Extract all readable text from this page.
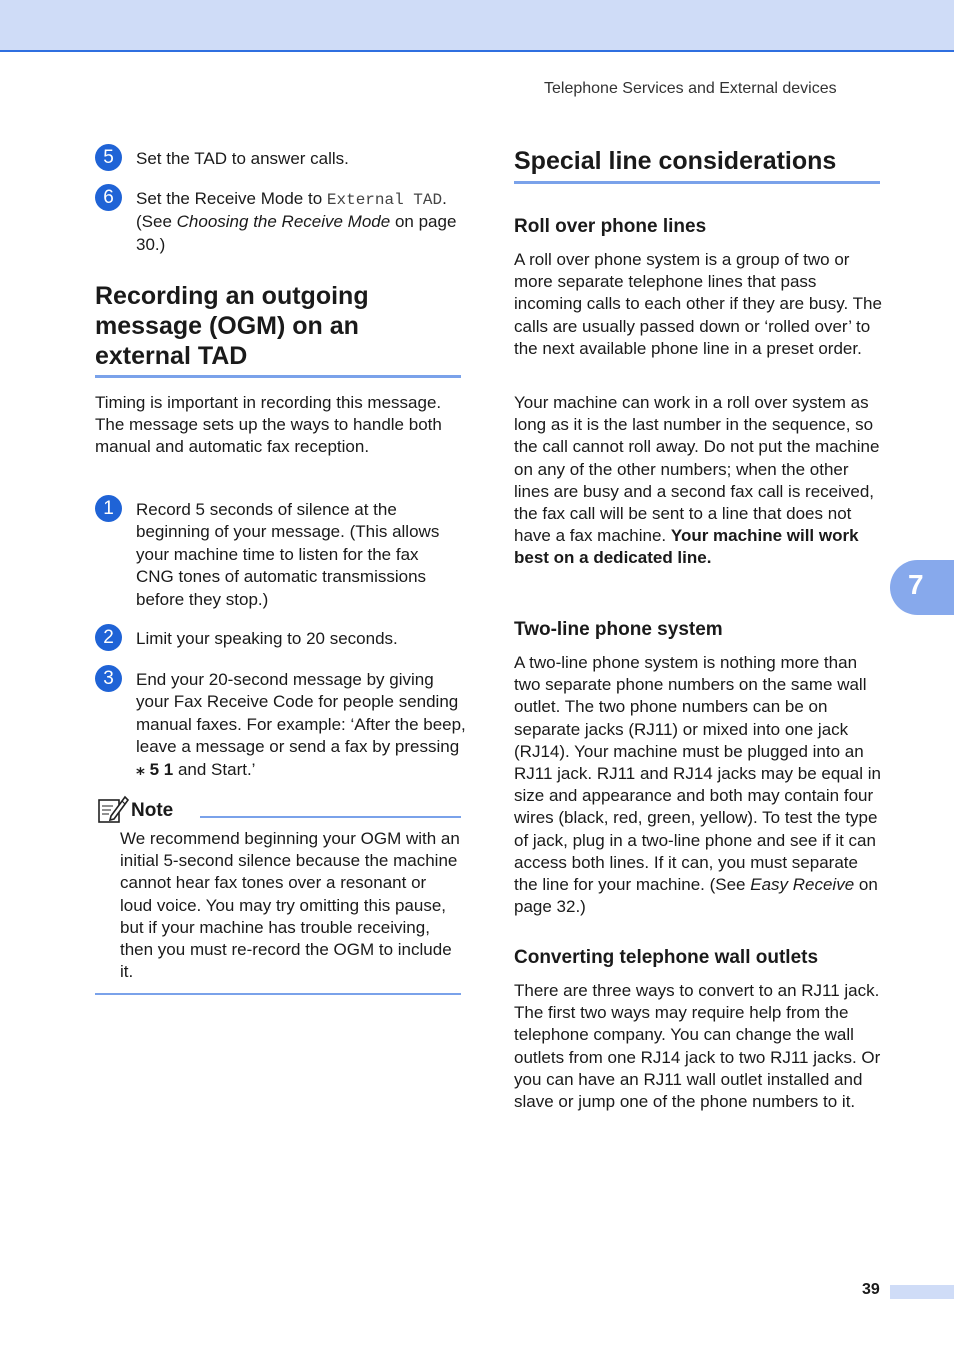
Telephone Services and External devices
5	Set the TAD to answer calls.
6	Set the Receive Mode to External TAD. (See Choosing the Receive Mode on page 30.)
Recording an outgoing message (OGM) on an external TAD
Timing is important in recording this message. The message sets up the ways to handle both manual and automatic fax reception.
1	Record 5 seconds of silence at the beginning of your message. (This allows your machine time to listen for the fax CNG tones of automatic transmissions before they stop.)
2	Limit your speaking to 20 seconds.
3	End your 20-second message by giving your Fax Receive Code for people sending manual faxes. For example: ‘After the beep, leave a message or send a fax by pressing ⁎ 5 1 and Start.’
Note
We recommend beginning your OGM with an initial 5-second silence because the machine cannot hear fax tones over a resonant or loud voice. You may try omitting this pause, but if your machine has trouble receiving, then you must re-record the OGM to include it.
Special line considerations
Roll over phone lines
A roll over phone system is a group of two or more separate telephone lines that pass incoming calls to each other if they are busy. The calls are usually passed down or ‘rolled over’ to the next available phone line in a preset order.
Your machine can work in a roll over system as long as it is the last number in the sequence, so the call cannot roll away. Do not put the machine on any of the other numbers; when the other lines are busy and a second fax call is received, the fax call will be sent to a line that does not have a fax machine. Your machine will work best on a dedicated line.
Two-line phone system
A two-line phone system is nothing more than two separate phone numbers on the same wall outlet. The two phone numbers can be on separate jacks (RJ11) or mixed into one jack (RJ14). Your machine must be plugged into an RJ11 jack. RJ11 and RJ14 jacks may be equal in size and appearance and both may contain four wires (black, red, green, yellow). To test the type of jack, plug in a two-line phone and see if it can access both lines. If it can, you must separate the line for your machine. (See Easy Receive on page 32.)
Converting telephone wall outlets
There are three ways to convert to an RJ11 jack. The first two ways may require help from the telephone company. You can change the wall outlets from one RJ14 jack to two RJ11 jacks. Or you can have an RJ11 wall outlet installed and slave or jump one of the phone numbers to it.
7
39
